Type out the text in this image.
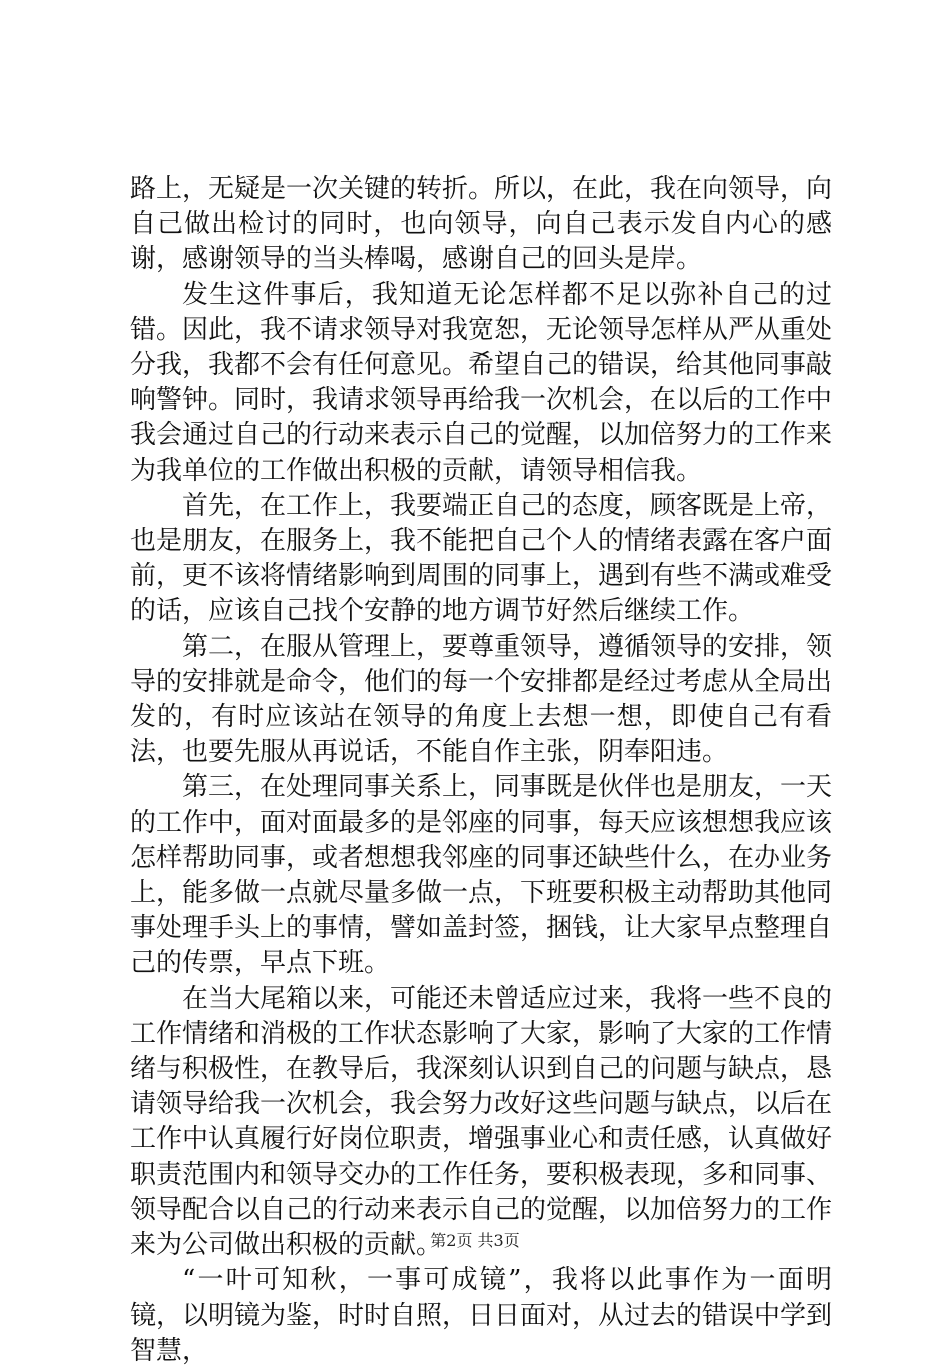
路上，无疑是一次关键的转折。所以，在此，我在向领导，向自己做出检讨的同时，也向领导，向自己表示发自内心的感谢，感谢领导的当头棒喝，感谢自己的回头是岸。

发生这件事后，我知道无论怎样都不足以弥补自己的过错。因此，我不请求领导对我宽恕，无论领导怎样从严从重处分我，我都不会有任何意见。希望自己的错误，给其他同事敲响警钟。同时，我请求领导再给我一次机会，在以后的工作中我会通过自己的行动来表示自己的觉醒，以加倍努力的工作来为我单位的工作做出积极的贡献，请领导相信我。

首先，在工作上，我要端正自己的态度，顾客既是上帝，也是朋友，在服务上，我不能把自己个人的情绪表露在客户面前，更不该将情绪影响到周围的同事上，遇到有些不满或难受的话，应该自己找个安静的地方调节好然后继续工作。

第二，在服从管理上，要尊重领导，遵循领导的安排，领导的安排就是命令，他们的每一个安排都是经过考虑从全局出发的，有时应该站在领导的角度上去想一想，即使自己有看法，也要先服从再说话，不能自作主张，阴奉阳违。

第三，在处理同事关系上，同事既是伙伴也是朋友，一天的工作中，面对面最多的是邻座的同事，每天应该想想我应该怎样帮助同事，或者想想我邻座的同事还缺些什么，在办业务上，能多做一点就尽量多做一点，下班要积极主动帮助其他同事处理手头上的事情，譬如盖封签，捆钱，让大家早点整理自己的传票，早点下班。

在当大尾箱以来，可能还未曾适应过来，我将一些不良的工作情绪和消极的工作状态影响了大家，影响了大家的工作情绪与积极性，在教导后，我深刻认识到自己的问题与缺点，恳请领导给我一次机会，我会努力改好这些问题与缺点，以后在工作中认真履行好岗位职责，增强事业心和责任感，认真做好职责范围内和领导交办的工作任务，要积极表现，多和同事、领导配合以自己的行动来表示自己的觉醒，以加倍努力的工作来为公司做出积极的贡献。

“一叶可知秋，一事可成镜”，我将以此事作为一面明镜，以明镜为鉴，时时自照，日日面对，从过去的错误中学到智慧，

第2页 共3页
